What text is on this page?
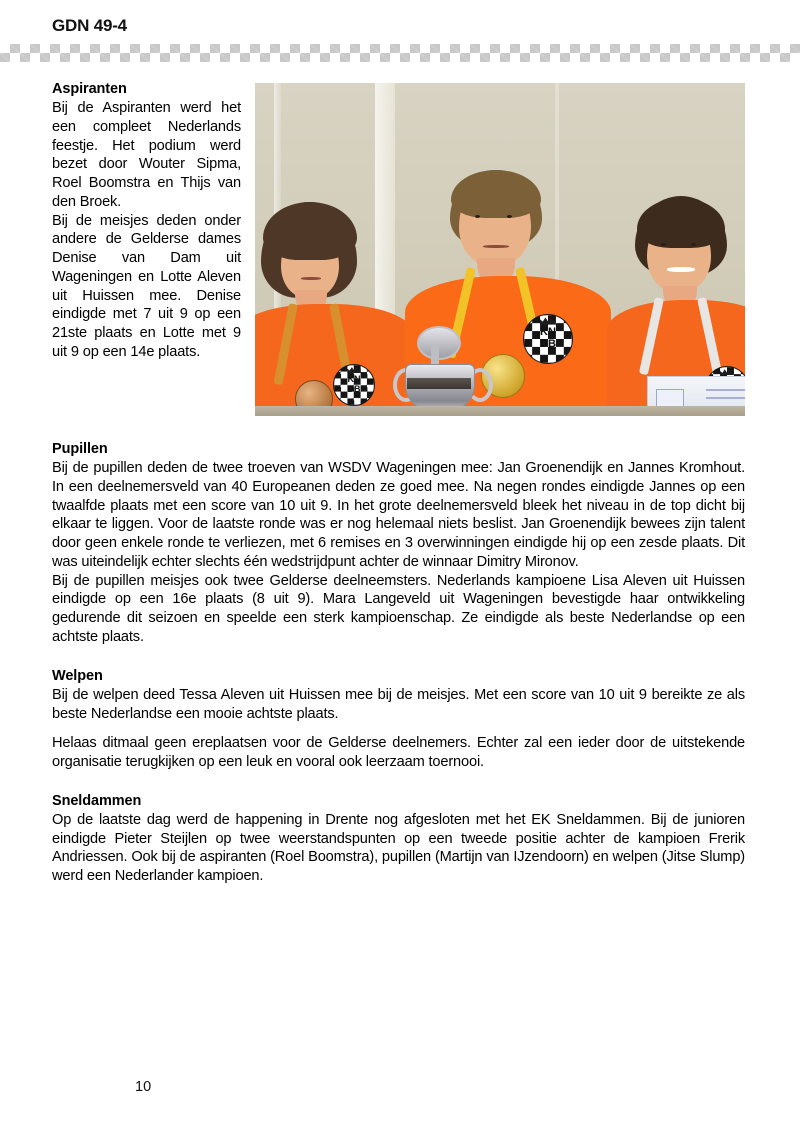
GDN 49-4
KN
DB
KN
DB
Aspiranten

Bij de Aspiranten werd het een compleet Nederlands feestje. Het podium werd bezet door Wouter Sipma, Roel Boomstra en Thijs van den Broek.

Bij de meisjes deden onder andere de Gelderse dames Denise van Dam uit Wageningen en Lotte Aleven uit Huissen mee. Denise eindigde met 7 uit 9 op een 21ste plaats en Lotte met 9 uit 9 op een 14e plaats.

Pupillen

Bij de pupillen deden de twee troeven van WSDV Wageningen mee: Jan Groenendijk en Jannes Kromhout. In een deelnemersveld van 40 Europeanen deden ze goed mee. Na negen rondes eindigde Jannes op een twaalfde plaats met een score van 10 uit 9. In het grote deelnemersveld bleek het niveau in de top dicht bij elkaar te liggen. Voor de laatste ronde was er nog helemaal niets beslist. Jan Groenendijk bewees zijn talent door geen enkele ronde te verliezen, met 6 remises en 3 overwinningen eindigde hij op een zesde plaats. Dit was uiteindelijk echter slechts één wedstrijdpunt achter de winnaar Dimitry Mironov.

Bij de pupillen meisjes ook twee Gelderse deelneemsters. Nederlands kampioene Lisa Aleven uit Huissen eindigde op een 16e plaats (8 uit 9). Mara Langeveld uit Wageningen bevestigde haar ontwikkeling gedurende dit seizoen en speelde een sterk kampioenschap. Ze eindigde als beste Nederlandse op een achtste plaats.

Welpen

Bij de welpen deed Tessa Aleven uit Huissen mee bij de meisjes. Met een score van 10 uit 9 bereikte ze als beste Nederlandse een mooie achtste plaats.

Helaas ditmaal geen ereplaatsen voor de Gelderse deelnemers. Echter zal een ieder door de uitstekende organisatie terugkijken op een leuk en vooral ook leerzaam toernooi.

Sneldammen

Op de laatste dag werd de happening in Drente nog afgesloten met het EK Sneldammen. Bij de junioren eindigde Pieter Steijlen op twee weerstandspunten op een tweede positie achter de kampioen Frerik Andriessen. Ook bij de aspiranten (Roel Boomstra), pupillen (Martijn van IJzendoorn) en welpen (Jitse Slump) werd een Nederlander kampioen.

10
